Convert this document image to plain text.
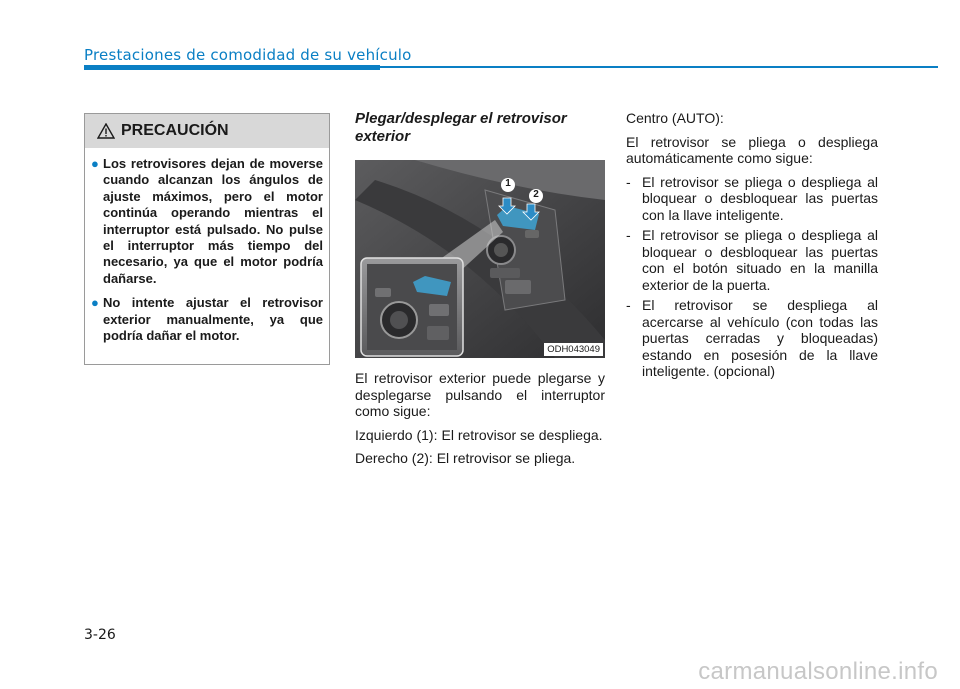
Prestaciones de comodidad de su vehículo
PRECAUCIÓN
● Los retrovisores dejan de moverse cuando alcanzan los ángulos de ajuste máximos, pero el motor continúa operando mientras el interruptor está pulsado. No pulse el interruptor más tiempo del necesario, ya que el motor podría dañarse.
● No intente ajustar el retrovisor exterior manualmente, ya que podría dañar el motor.
Plegar/desplegar el retrovisor exterior
1
2
ODH043049

El retrovisor exterior puede plegarse y desplegarse pulsando el interruptor como sigue:

Izquierdo (1): El retrovisor se despliega.

Derecho (2): El retrovisor se pliega.

Centro (AUTO):

El retrovisor se pliega o despliega automáticamente como sigue:

- El retrovisor se pliega o despliega al bloquear o desbloquear las puertas con la llave inteligente.
- El retrovisor se pliega o despliega al bloquear o desbloquear las puertas con el botón situado en la manilla exterior de la puerta.
- El retrovisor se despliega al acercarse al vehículo (con todas las puertas cerradas y bloqueadas) estando en posesión de la llave inteligente. (opcional)
3-26
carmanualsonline.info
